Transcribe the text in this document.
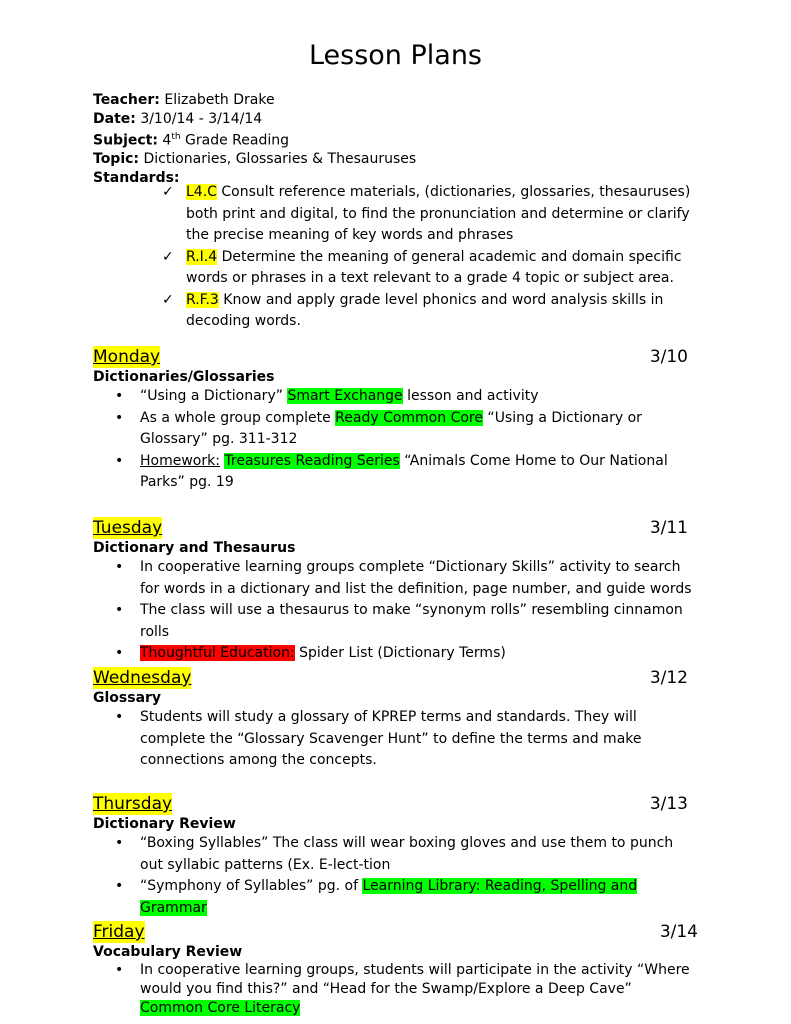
Lesson Plans
Teacher: Elizabeth Drake
Date: 3/10/14 - 3/14/14
Subject: 4th Grade Reading
Topic: Dictionaries, Glossaries & Thesauruses
Standards:
✓ L4.C Consult reference materials, (dictionaries, glossaries, thesauruses) both print and digital, to find the pronunciation and determine or clarify the precise meaning of key words and phrases
✓ R.I.4 Determine the meaning of general academic and domain specific words or phrases in a text relevant to a grade 4 topic or subject area.
✓ R.F.3 Know and apply grade level phonics and word analysis skills in decoding words.
Monday	3/10
Dictionaries/Glossaries
• “Using a Dictionary” Smart Exchange lesson and activity
• As a whole group complete Ready Common Core “Using a Dictionary or Glossary” pg. 311-312
• Homework: Treasures Reading Series “Animals Come Home to Our National Parks” pg. 19
Tuesday	3/11
Dictionary and Thesaurus
• In cooperative learning groups complete “Dictionary Skills” activity to search for words in a dictionary and list the definition, page number, and guide words
• The class will use a thesaurus to make “synonym rolls” resembling cinnamon rolls
• Thoughtful Education: Spider List (Dictionary Terms)
Wednesday	3/12
Glossary
• Students will study a glossary of KPREP terms and standards. They will complete the “Glossary Scavenger Hunt” to define the terms and make connections among the concepts.
Thursday	3/13
Dictionary Review
• “Boxing Syllables” The class will wear boxing gloves and use them to punch out syllabic patterns (Ex. E-lect-tion
• “Symphony of Syllables” pg. of Learning Library: Reading, Spelling and Grammar
Friday	3/14
Vocabulary Review
• In cooperative learning groups, students will participate in the activity “Where would you find this?” and “Head for the Swamp/Explore a Deep Cave” Common Core Literacy
